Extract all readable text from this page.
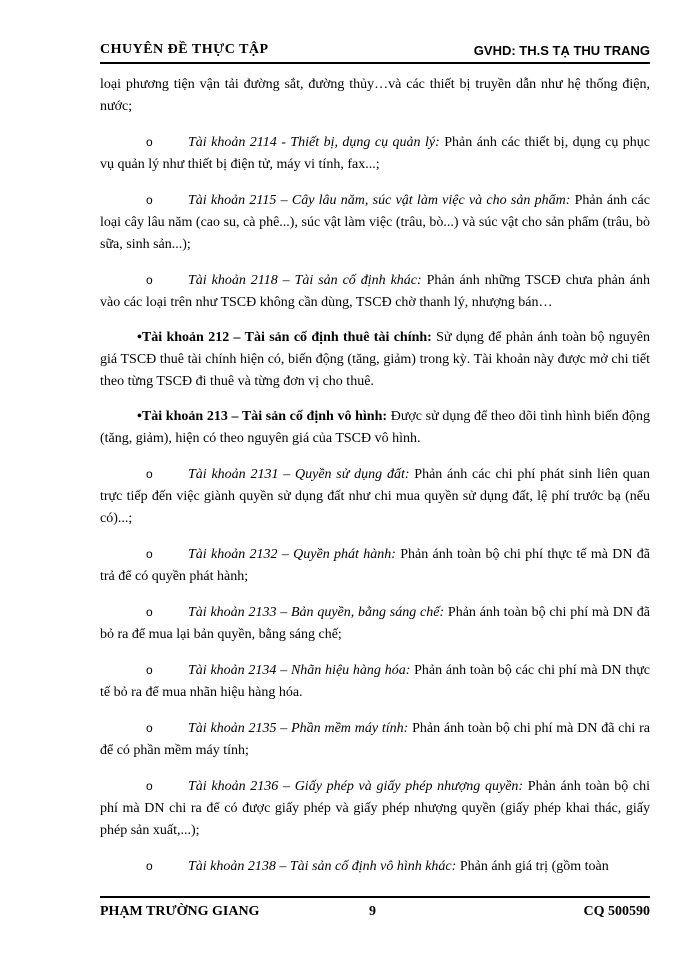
CHUYÊN ĐỀ THỰC TẬP	GVHD: TH.S TẠ THU TRANG

loại phương tiện vận tải đường sắt, đường thủy…và các thiết bị truyền dẫn như hệ thống điện, nước;

o	Tài khoản 2114 - Thiết bị, dụng cụ quản lý: Phản ánh các thiết bị, dụng cụ phục vụ quản lý như thiết bị điện tử, máy vi tính, fax...;

o	Tài khoản 2115 – Cây lâu năm, súc vật làm việc và cho sản phẩm: Phản ánh các loại cây lâu năm (cao su, cà phê...), súc vật làm việc (trâu, bò...) và súc vật cho sản phẩm (trâu, bò sữa, sinh sản...);

o	Tài khoản 2118 – Tài sản cố định khác: Phản ánh những TSCĐ chưa phản ánh vào các loại trên như TSCĐ không cần dùng, TSCĐ chờ thanh lý, nhượng bán…

•Tài khoản 212 – Tài sản cố định thuê tài chính: Sử dụng để phản ánh toàn bộ nguyên giá TSCĐ thuê tài chính hiện có, biến động (tăng, giảm) trong kỳ. Tài khoản này được mở chi tiết theo từng TSCĐ đi thuê và từng đơn vị cho thuê.

•Tài khoản 213 – Tài sản cố định vô hình: Được sử dụng để theo dõi tình hình biến động (tăng, giảm), hiện có theo nguyên giá của TSCĐ vô hình.

o	Tài khoản 2131 – Quyền sử dụng đất: Phản ánh các chi phí phát sinh liên quan trực tiếp đến việc giành quyền sử dụng đất như chi mua quyền sử dụng đất, lệ phí trước bạ (nếu có)...;

o	Tài khoản 2132 – Quyền phát hành: Phản ánh toàn bộ chi phí thực tế mà DN đã trả để có quyền phát hành;

o	Tài khoản 2133 – Bản quyền, bằng sáng chế: Phản ánh toàn bộ chi phí mà DN đã bỏ ra để mua lại bản quyền, bằng sáng chế;

o	Tài khoản 2134 – Nhãn hiệu hàng hóa: Phản ánh toàn bộ các chi phí mà DN thực tế bỏ ra để mua nhãn hiệu hàng hóa.

o	Tài khoản 2135 – Phần mềm máy tính: Phản ánh toàn bộ chi phí mà DN đã chi ra để có phần mềm máy tính;

o	Tài khoản 2136 – Giấy phép và giấy phép nhượng quyền: Phản ánh toàn bộ chi phí mà DN chi ra để có được giấy phép và giấy phép nhượng quyền (giấy phép khai thác, giấy phép sản xuất,...);

o	Tài khoản 2138 – Tài sản cố định vô hình khác: Phản ánh giá trị (gồm toàn

PHẠM TRƯỜNG GIANG	9	CQ 500590
